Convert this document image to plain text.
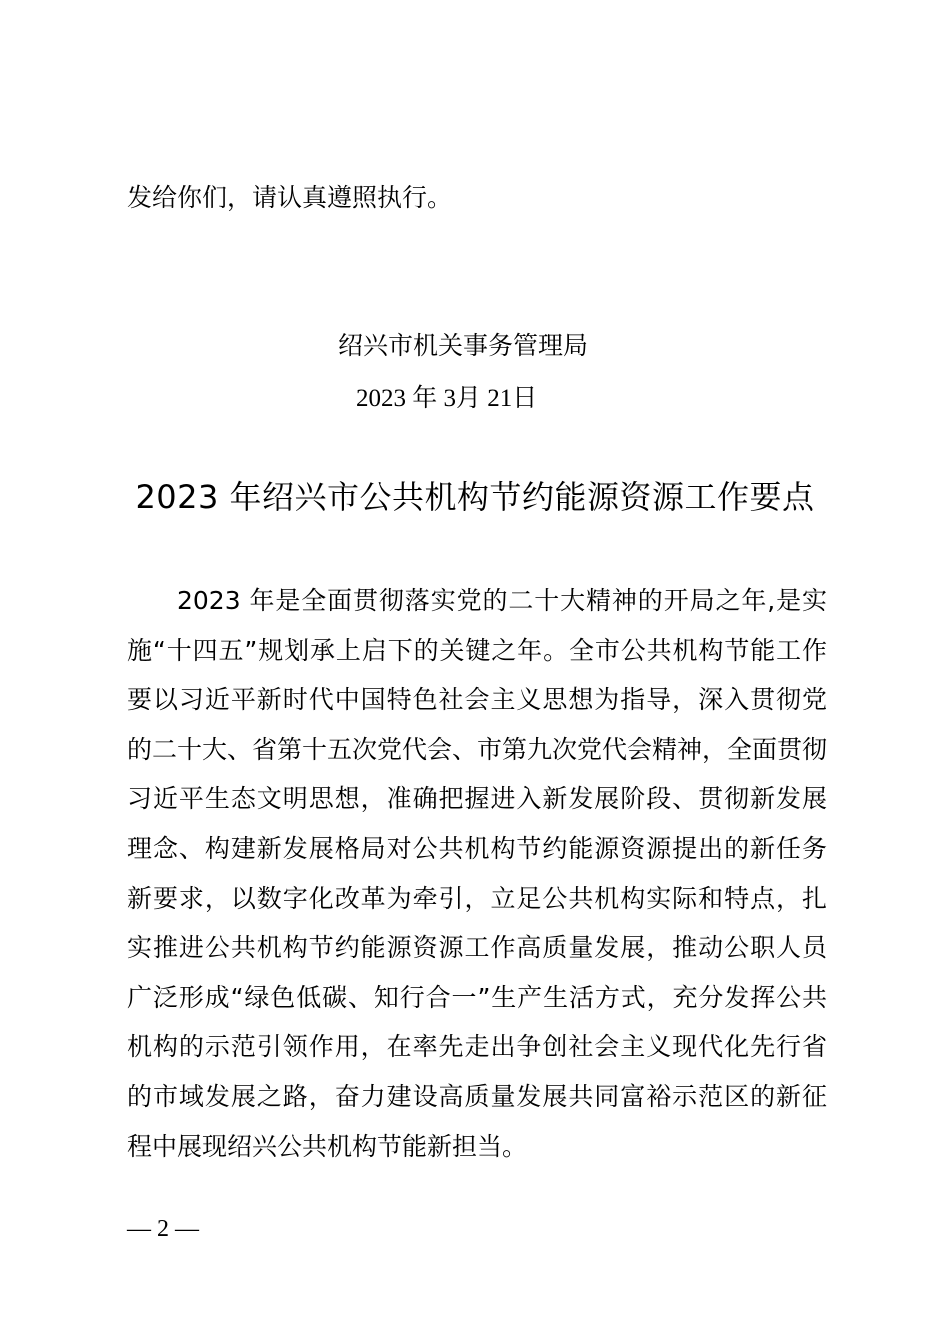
发给你们，请认真遵照执行。
绍兴市机关事务管理局
2023 年 3月 21日
2023 年绍兴市公共机构节约能源资源工作要点
2023 年是全面贯彻落实党的二十大精神的开局之年,是实
施“十四五”规划承上启下的关键之年。全市公共机构节能工作
要以习近平新时代中国特色社会主义思想为指导，深入贯彻党
的二十大、省第十五次党代会、市第九次党代会精神，全面贯彻
习近平生态文明思想，准确把握进入新发展阶段、贯彻新发展
理念、构建新发展格局对公共机构节约能源资源提出的新任务
新要求，以数字化改革为牵引，立足公共机构实际和特点，扎
实推进公共机构节约能源资源工作高质量发展，推动公职人员
广泛形成“绿色低碳、知行合一”生产生活方式，充分发挥公共
机构的示范引领作用，在率先走出争创社会主义现代化先行省
的市域发展之路，奋力建设高质量发展共同富裕示范区的新征
程中展现绍兴公共机构节能新担当。
— 2 —
